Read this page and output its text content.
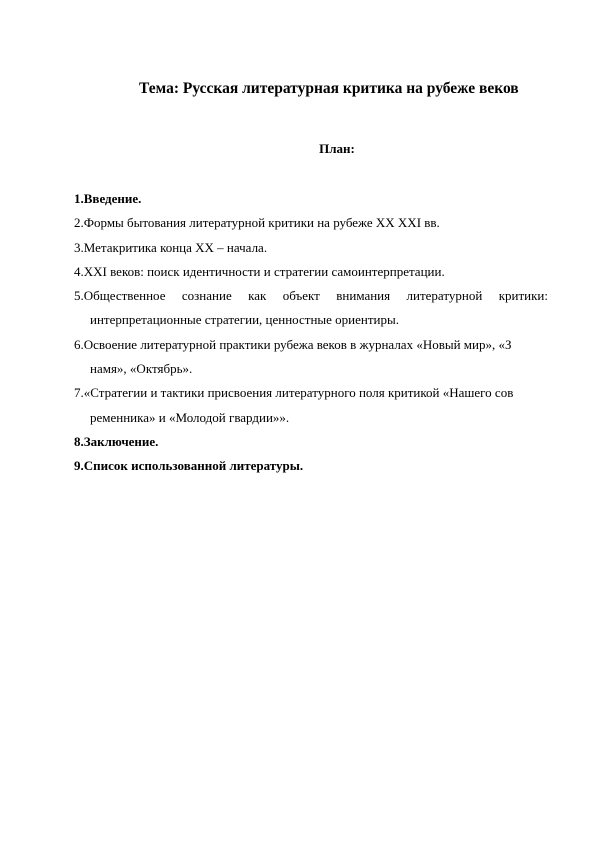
Тема: Русская литературная критика на рубеже веков
План:
1.Введение.
2.Формы бытования литературной критики на рубеже XX XXI вв.
3.Метакритика конца XX – начала.
4.XXI веков: поиск идентичности и стратегии самоинтерпретации.
5.Общественное сознание как объект внимания литературной критики:
интерпретационные стратегии, ценностные ориентиры.
6.Освоение литературной практики рубежа веков в журналах «Новый мир», «З
намя», «Октябрь».
7.«Стратегии и тактики присвоения литературного поля критикой «Нашего сов
ременника» и «Молодой гвардии»».
8.Заключение.
9.Список использованной литературы.
